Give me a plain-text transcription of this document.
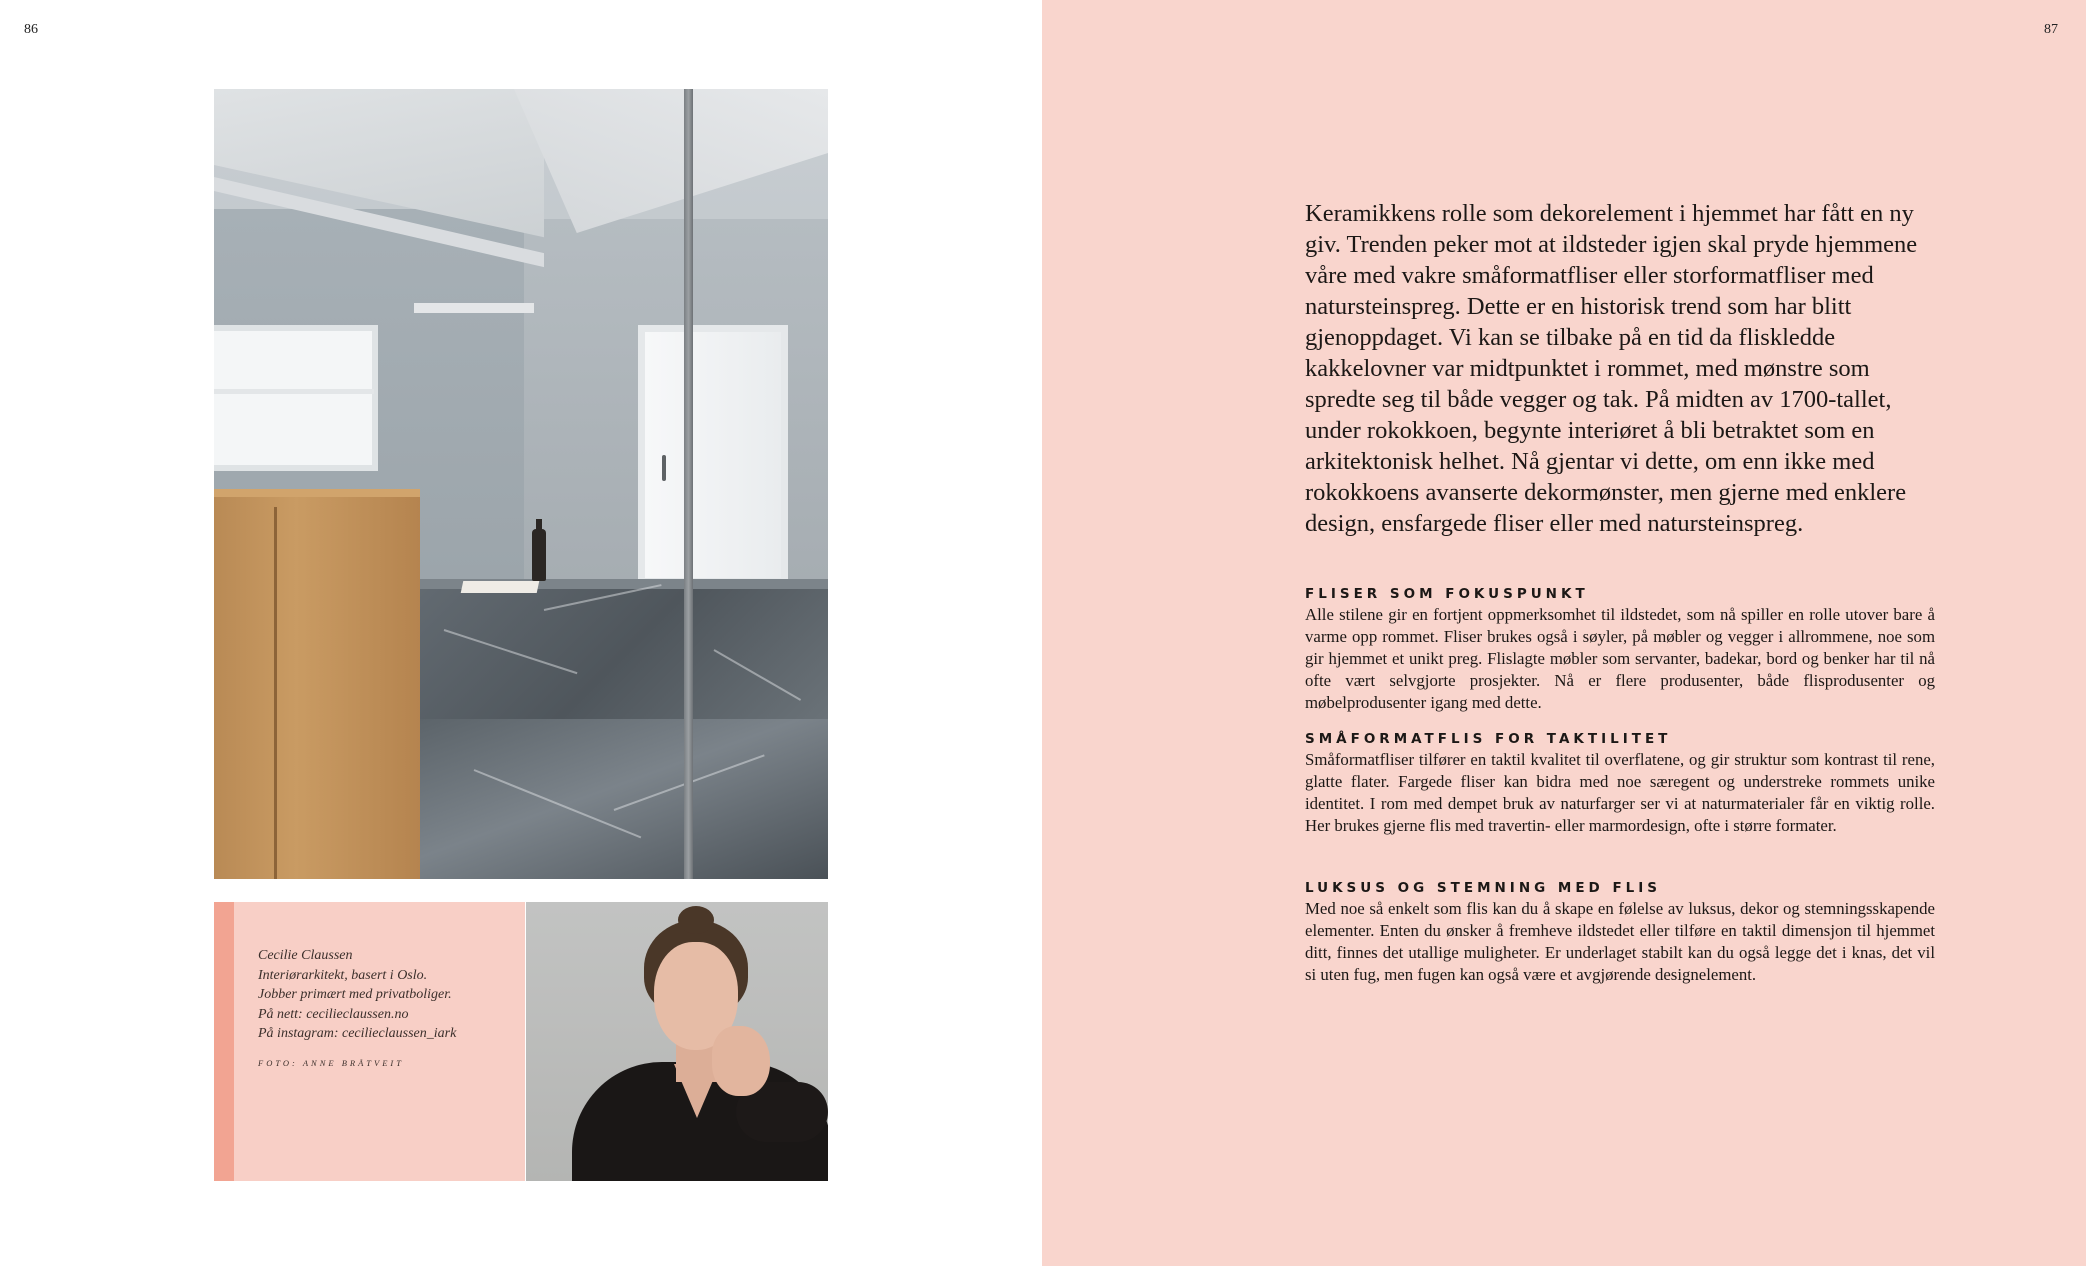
86
Cecilie Claussen
Interiørarkitekt, basert i Oslo.
Jobber primært med privatboliger.
På nett: cecilieclaussen.no
På instagram: cecilieclaussen_iark
FOTO: ANNE BRÅTVEIT
87
Keramikkens rolle som dekorelement i hjemmet har fått en ny giv. Trenden peker mot at ildsteder igjen skal pryde hjemmene våre med vakre småformatfliser eller storformatfliser med natursteinspreg. Dette er en historisk trend som har blitt gjenoppdaget. Vi kan se tilbake på en tid da fliskledde kakkelovner var midtpunktet i rommet, med mønstre som spredte seg til både vegger og tak. På midten av 1700-tallet, under rokokkoen, begynte interiøret å bli betraktet som en arkitektonisk helhet. Nå gjentar vi dette, om enn ikke med rokokkoens avanserte dekormønster, men gjerne med enklere design, ensfargede fliser eller med natursteinspreg.
FLISER SOM FOKUSPUNKT

Alle stilene gir en fortjent oppmerksomhet til ildstedet, som nå spiller en rolle utover bare å varme opp rommet. Fliser brukes også i søyler, på møbler og vegger i allrommene, noe som gir hjemmet et unikt preg. Flislagte møbler som servanter, badekar, bord og benker har til nå ofte vært selvgjorte prosjekter. Nå er flere produsenter, både flisprodusenter og møbelprodusenter igang med dette.

SMÅFORMATFLIS FOR TAKTILITET

Småformatfliser tilfører en taktil kvalitet til overflatene, og gir struktur som kontrast til rene, glatte flater. Fargede fliser kan bidra med noe særegent og understreke rommets unike identitet. I rom med dempet bruk av naturfarger ser vi at naturmaterialer får en viktig rolle. Her brukes gjerne flis med travertin- eller marmordesign, ofte i større formater.

LUKSUS OG STEMNING MED FLIS

Med noe så enkelt som flis kan du å skape en følelse av luksus, dekor og stemningsskapende elementer. Enten du ønsker å fremheve ildstedet eller tilføre en taktil dimensjon til hjemmet ditt, finnes det utallige muligheter. Er underlaget stabilt kan du også legge det i knas, det vil si uten fug, men fugen kan også være et avgjørende designelement.
